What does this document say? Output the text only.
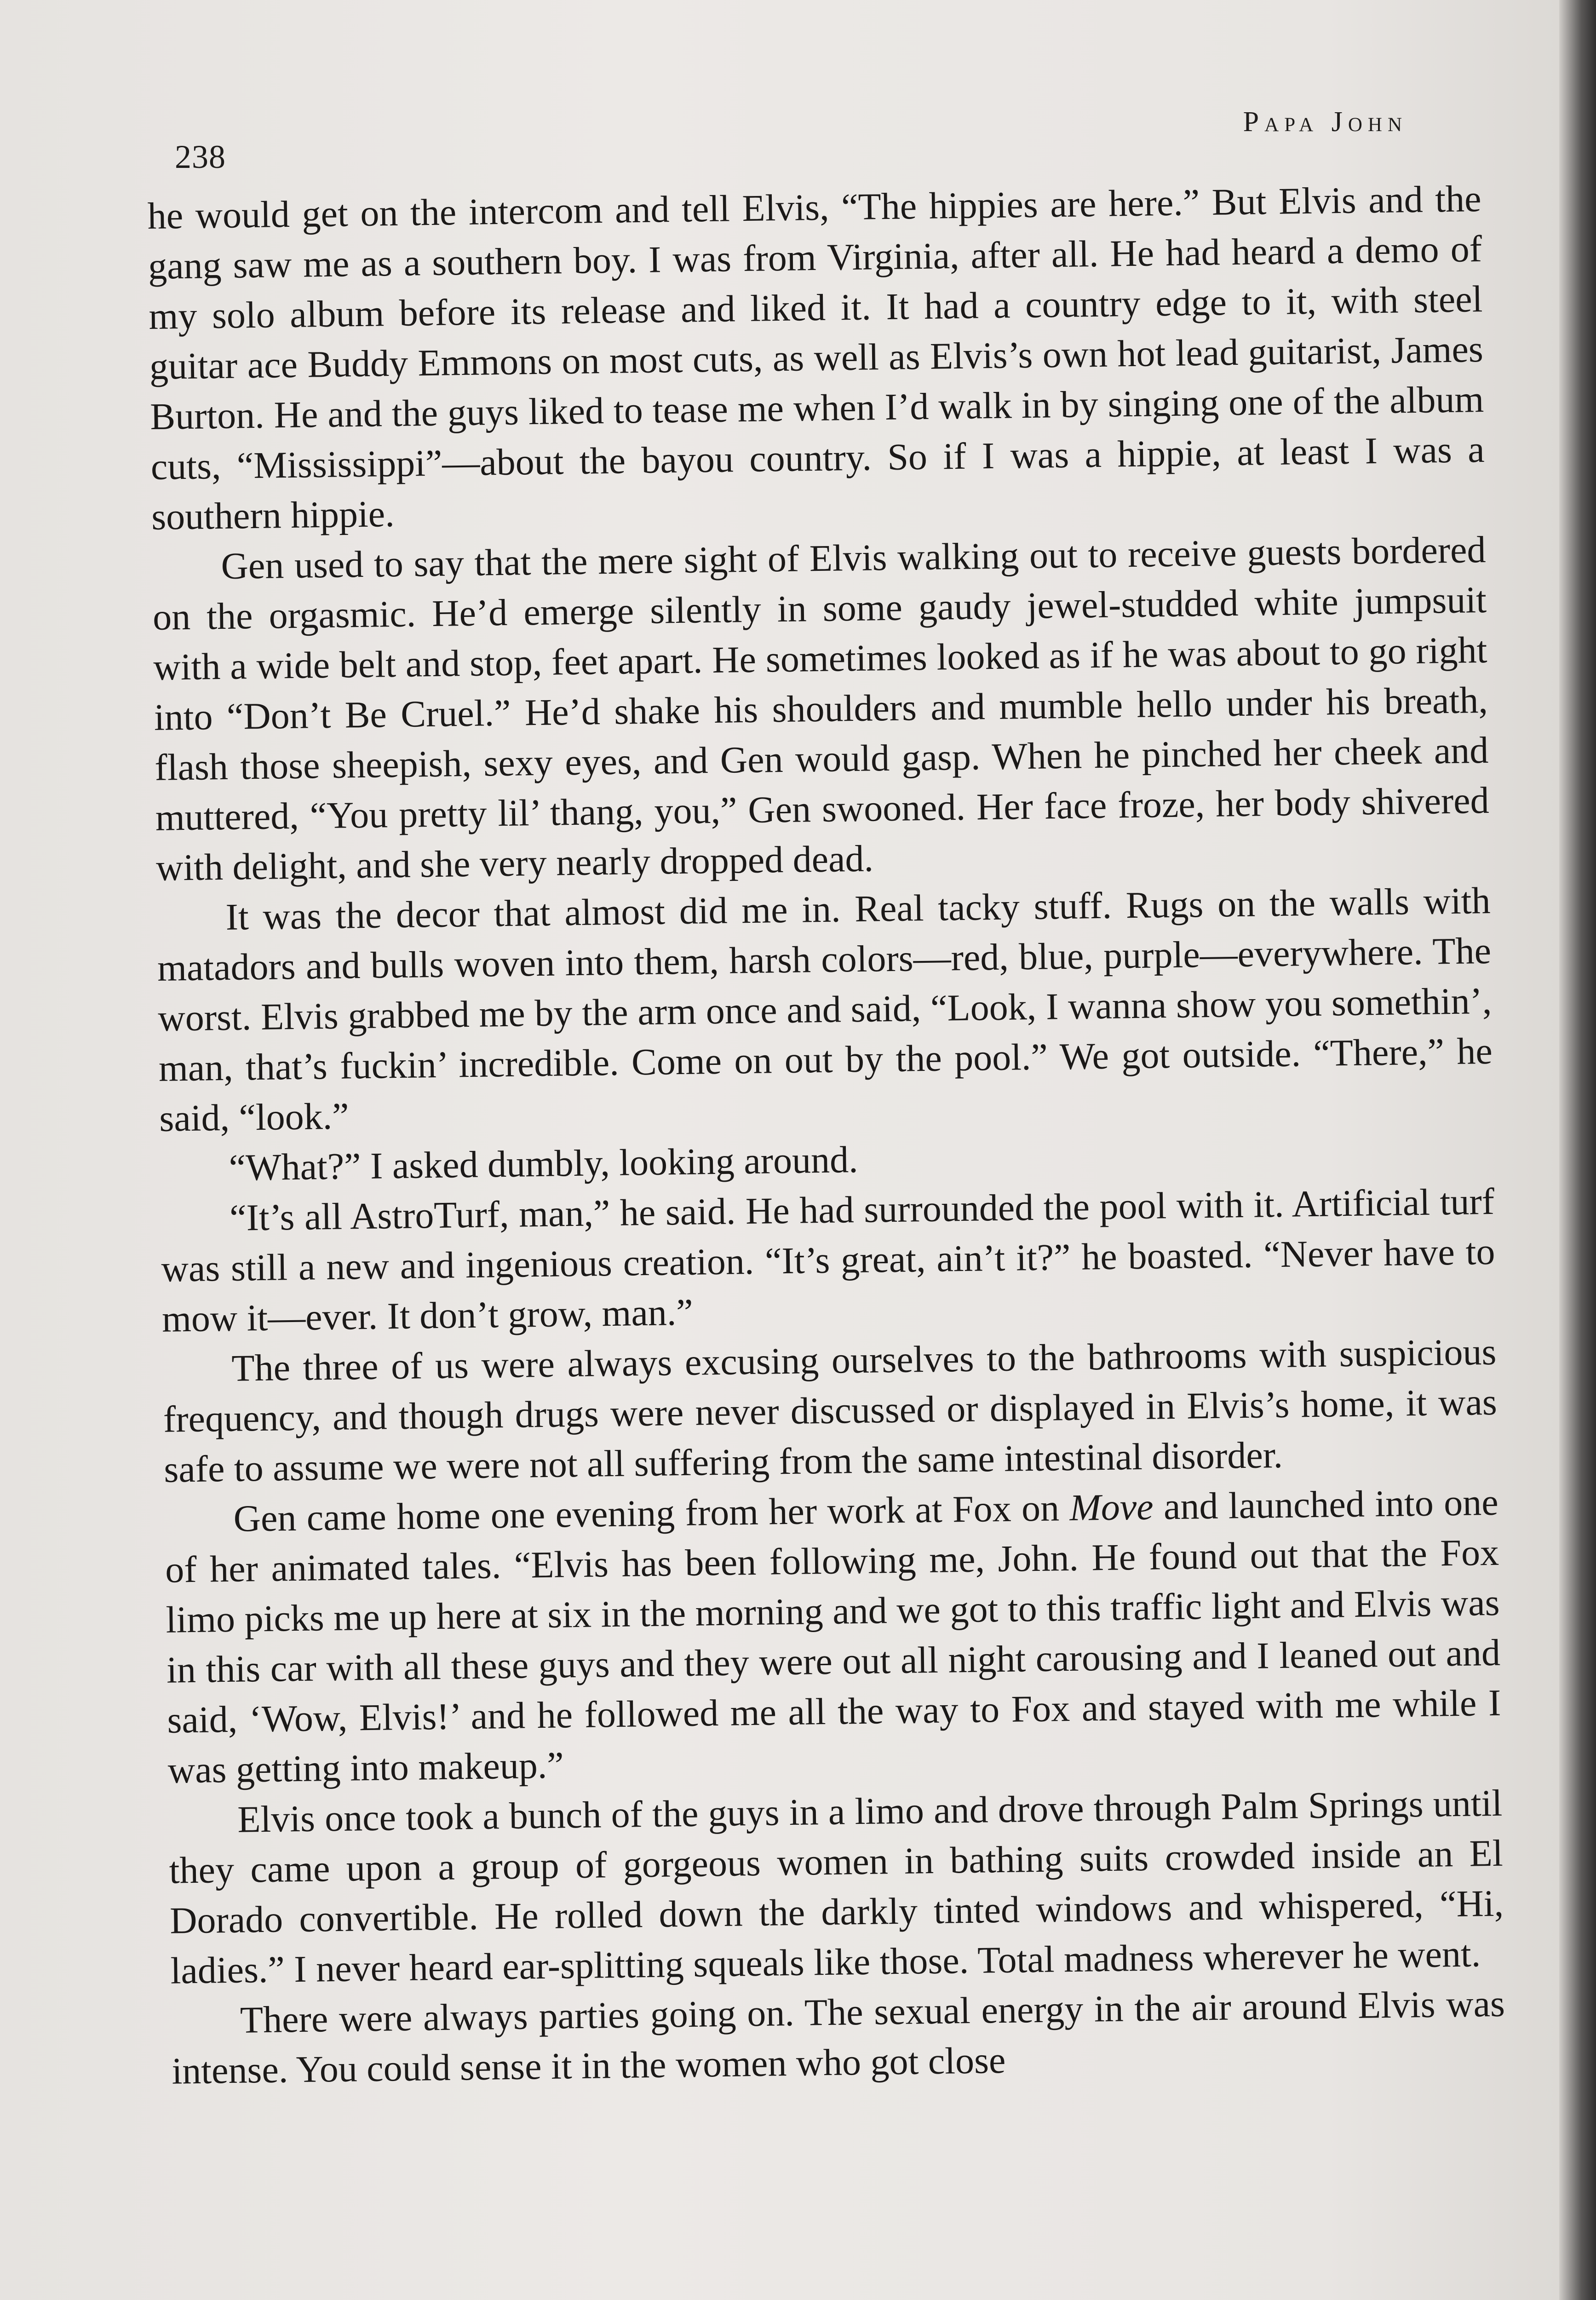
238
Papa John

he would get on the intercom and tell Elvis, “The hippies are here.” But Elvis and the gang saw me as a southern boy. I was from Virginia, after all. He had heard a demo of my solo album before its release and liked it. It had a country edge to it, with steel guitar ace Buddy Emmons on most cuts, as well as Elvis’s own hot lead guitarist, James Burton. He and the guys liked to tease me when I’d walk in by singing one of the album cuts, “Mississippi”—about the bayou country. So if I was a hippie, at least I was a southern hippie.

Gen used to say that the mere sight of Elvis walking out to receive guests bordered on the orgasmic. He’d emerge silently in some gaudy jewel-studded white jumpsuit with a wide belt and stop, feet apart. He sometimes looked as if he was about to go right into “Don’t Be Cruel.” He’d shake his shoulders and mumble hello under his breath, flash those sheepish, sexy eyes, and Gen would gasp. When he pinched her cheek and muttered, “You pretty lil’ thang, you,” Gen swooned. Her face froze, her body shivered with delight, and she very nearly dropped dead.

It was the decor that almost did me in. Real tacky stuff. Rugs on the walls with matadors and bulls woven into them, harsh colors—red, blue, purple—everywhere. The worst. Elvis grabbed me by the arm once and said, “Look, I wanna show you somethin’, man, that’s fuckin’ incredible. Come on out by the pool.” We got outside. “There,” he said, “look.”

“What?” I asked dumbly, looking around.

“It’s all AstroTurf, man,” he said. He had surrounded the pool with it. Artificial turf was still a new and ingenious creation. “It’s great, ain’t it?” he boasted. “Never have to mow it—ever. It don’t grow, man.”

The three of us were always excusing ourselves to the bathrooms with suspicious frequency, and though drugs were never discussed or displayed in Elvis’s home, it was safe to assume we were not all suffering from the same intestinal disorder.

Gen came home one evening from her work at Fox on Move and launched into one of her animated tales. “Elvis has been following me, John. He found out that the Fox limo picks me up here at six in the morning and we got to this traffic light and Elvis was in this car with all these guys and they were out all night carousing and I leaned out and said, ‘Wow, Elvis!’ and he followed me all the way to Fox and stayed with me while I was getting into makeup.”

Elvis once took a bunch of the guys in a limo and drove through Palm Springs until they came upon a group of gorgeous women in bathing suits crowded inside an El Dorado convertible. He rolled down the darkly tinted windows and whispered, “Hi, ladies.” I never heard ear-splitting squeals like those. Total madness wherever he went.

There were always parties going on. The sexual energy in the air around Elvis was intense. You could sense it in the women who got close
